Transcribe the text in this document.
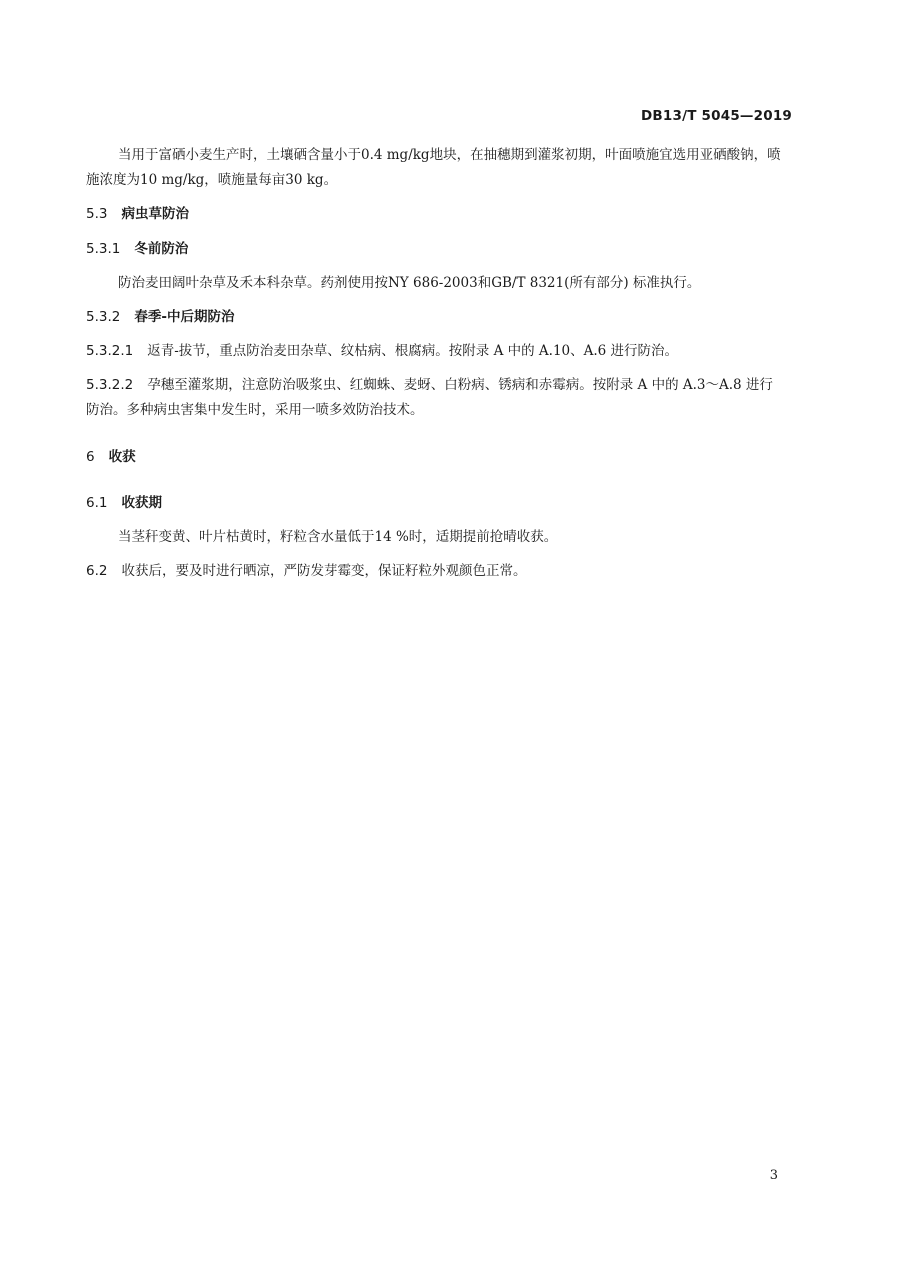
DB13/T 5045—2019

当用于富硒小麦生产时，土壤硒含量小于0.4 mg/kg地块，在抽穗期到灌浆初期，叶面喷施宜选用亚硒酸钠，喷施浓度为10 mg/kg，喷施量每亩30 kg。

5.3 病虫草防治
5.3.1 冬前防治

防治麦田阔叶杂草及禾本科杂草。药剂使用按NY 686-2003和GB/T 8321(所有部分) 标准执行。

5.3.2 春季-中后期防治

5.3.2.1 返青-拔节，重点防治麦田杂草、纹枯病、根腐病。按附录 A 中的 A.10、A.6 进行防治。

5.3.2.2 孕穗至灌浆期，注意防治吸浆虫、红蜘蛛、麦蚜、白粉病、锈病和赤霉病。按附录 A 中的 A.3～A.8 进行防治。多种病虫害集中发生时，采用一喷多效防治技术。

6 收获
6.1 收获期

当茎秆变黄、叶片枯黄时，籽粒含水量低于14 %时，适期提前抢晴收获。

6.2 收获后，要及时进行晒凉，严防发芽霉变，保证籽粒外观颜色正常。

3
